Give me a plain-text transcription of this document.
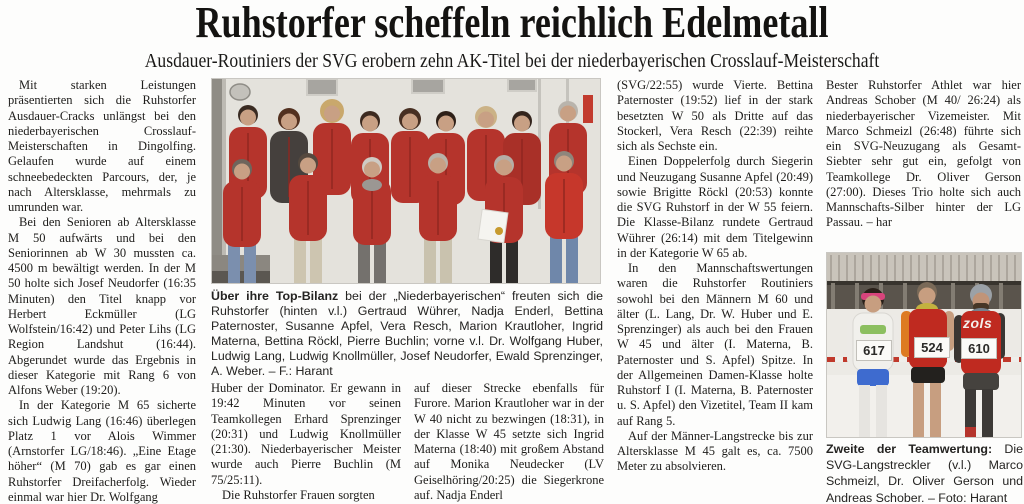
Ruhstorfer scheffeln reichlich Edelmetall
Ausdauer-Routiniers der SVG erobern zehn AK-Titel bei der niederbayerischen Crosslauf-Meisterschaft

Mit starken Leistungen präsentierten sich die Ruhstorfer Ausdauer-Cracks unlängst bei den niederbayerischen Crosslauf-Meisterschaften in Dingolfing. Gelaufen wurde auf einem schneebedeckten Parcours, der, je nach Altersklasse, mehrmals zu umrunden war.

Bei den Senioren ab Altersklasse M 50 aufwärts und bei den Seniorinnen ab W 30 mussten ca. 4500 m bewältigt werden. In der M 50 holte sich Josef Neudorfer (16:35 Minuten) den Titel knapp vor Herbert Eckmüller (LG Wolfstein/16:42) und Peter Lihs (LG Region Landshut (16:44). Abgerundet wurde das Ergebnis in dieser Kategorie mit Rang 6 von Alfons Weber (19:20).

In der Kategorie M 65 sicherte sich Ludwig Lang (16:46) überlegen Platz 1 vor Alois Wimmer (Arnstorfer LG/18:46). „Eine Etage höher“ (M 70) gab es gar einen Ruhstorfer Dreifacherfolg. Wieder einmal war hier Dr. Wolfgang

Über ihre Top-Bilanz bei der „Niederbayerischen“ freuten sich die Ruhstorfer (hinten v.l.) Gertraud Wührer, Nadja Enderl, Bettina Paternoster, Susanne Apfel, Vera Resch, Marion Krautloher, Ingrid Materna, Bettina Röckl, Pierre Buchlin; vorne v.l. Dr. Wolfgang Huber, Ludwig Lang, Ludwig Knollmüller, Josef Neudorfer, Ewald Sprenzinger, A. Weber. – F.: Harant

Huber der Dominator. Er gewann in 19:42 Minuten vor seinen Teamkollegen Erhard Sprenzinger (20:31) und Ludwig Knollmüller (21:30). Niederbayerischer Meister wurde auch Pierre Buchlin (M 75/25:11).

Die Ruhstorfer Frauen sorgten

auf dieser Strecke ebenfalls für Furore. Marion Krautloher war in der W 40 nicht zu bezwingen (18:31), in der Klasse W 45 setzte sich Ingrid Materna (18:40) mit großem Abstand auf Monika Neudecker (LV Geiselhöring/20:25) die Siegerkrone auf. Nadja Enderl

(SVG/22:55) wurde Vierte. Bettina Paternoster (19:52) lief in der stark besetzten W 50 als Dritte auf das Stockerl, Vera Resch (22:39) reihte sich als Sechste ein.

Einen Doppelerfolg durch Siegerin und Neuzugang Susanne Apfel (20:49) sowie Brigitte Röckl (20:53) konnte die SVG Ruhstorf in der W 55 feiern. Die Klasse-Bilanz rundete Gertraud Wührer (26:14) mit dem Titelgewinn in der Kategorie W 65 ab.

In den Mannschaftswertungen waren die Ruhstorfer Routiniers sowohl bei den Männern M 60 und älter (L. Lang, Dr. W. Huber und E. Sprenzinger) als auch bei den Frauen W 45 und älter (I. Materna, B. Paternoster und S. Apfel) Spitze. In der Allgemeinen Damen-Klasse holte Ruhstorf I (I. Materna, B. Paternoster u. S. Apfel) den Vizetitel, Team II kam auf Rang 5.

Auf der Männer-Langstrecke bis zur Altersklasse M 45 galt es, ca. 7500 Meter zu absolvieren.

Bester Ruhstorfer Athlet war hier Andreas Schober (M 40/ 26:24) als niederbayerischer Vizemeister. Mit Marco Schmeizl (26:48) führte sich ein SVG-Neuzugang als Gesamt-Siebter sehr gut ein, gefolgt von Teamkollege Dr. Oliver Gerson (27:00). Dieses Trio holte sich auch Mannschafts-Silber hinter der LG Passau. – har

617	524	610
zols
Zweite der Teamwertung: Die SVG-Langstreckler (v.l.) Marco Schmeizl, Dr. Oliver Gerson und Andreas Schober. – Foto: Harant
